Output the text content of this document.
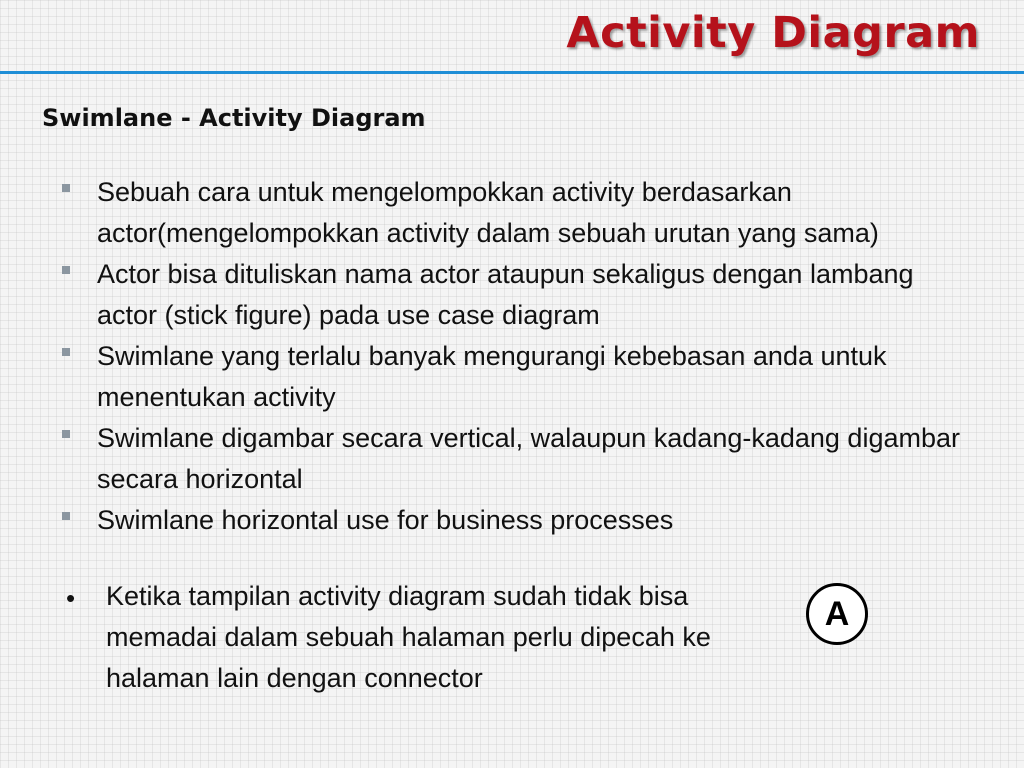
Activity Diagram
Swimlane - Activity Diagram
Sebuah cara untuk mengelompokkan activity berdasarkan actor(mengelompokkan activity dalam sebuah urutan yang sama)
Actor bisa dituliskan nama actor ataupun sekaligus dengan lambang actor (stick figure) pada use case diagram
Swimlane yang terlalu banyak mengurangi kebebasan anda untuk menentukan activity
Swimlane digambar secara vertical, walaupun kadang-kadang digambar secara horizontal
Swimlane horizontal use for business processes
• Ketika tampilan activity diagram sudah tidak bisa memadai dalam sebuah halaman perlu dipecah ke halaman lain dengan connector
A
